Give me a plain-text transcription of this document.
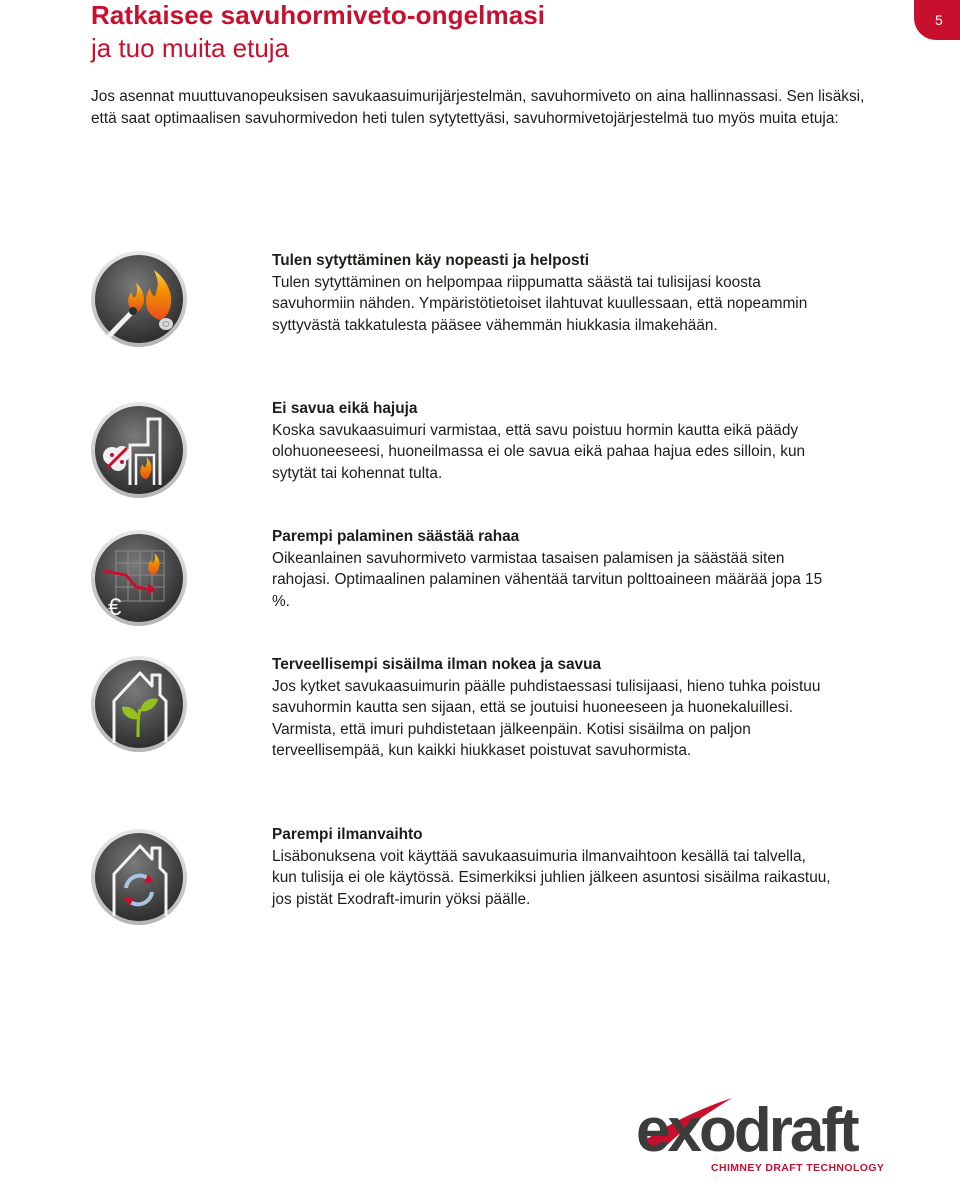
Ratkaisee savuhormiveto-ongelmasi
ja tuo muita etuja
5

Jos asennat muuttuvanopeuksisen savukaasuimurijärjestelmän, savuhormiveto on aina hallinnassasi. Sen lisäksi, että saat optimaalisen savuhormivedon heti tulen sytytettyäsi, savuhormivetojärjestelmä tuo myös muita etuja:

Tulen sytyttäminen käy nopeasti ja helposti
Tulen sytyttäminen on helpompaa riippumatta säästä tai tulisijasi koosta savuhormiin nähden. Ympäristötietoiset ilahtuvat kuullessaan, että nopeammin syttyvästä takkatulesta pääsee vähemmän hiukkasia ilmakehään.
Ei savua eikä hajuja
Koska savukaasuimuri varmistaa, että savu poistuu hormin kautta eikä päädy olohuoneeseesi, huoneilmassa ei ole savua eikä pahaa hajua edes silloin, kun sytytät tai kohennat tulta.
€
Parempi palaminen säästää rahaa
Oikeanlainen savuhormiveto varmistaa tasaisen palamisen ja säästää siten rahojasi. Optimaalinen palaminen vähentää tarvitun polttoaineen määrää jopa 15 %.
Terveellisempi sisäilma ilman nokea ja savua
Jos kytket savukaasuimurin päälle puhdistaessasi tulisijaasi, hieno tuhka poistuu savuhormin kautta sen sijaan, että se joutuisi huoneeseen ja huonekaluillesi. Varmista, että imuri puhdistetaan jälkeenpäin. Kotisi sisäilma on paljon terveellisempää, kun kaikki hiukkaset poistuvat savuhormista.
Parempi ilmanvaihto
Lisäbonuksena voit käyttää savukaasuimuria ilmanvaihtoon kesällä tai talvella, kun tulisija ei ole käytössä. Esimerkiksi juhlien jälkeen asuntosi sisäilma raikastuu, jos pistät Exodraft-imurin yöksi päälle.
exodraft
CHIMNEY DRAFT TECHNOLOGY
